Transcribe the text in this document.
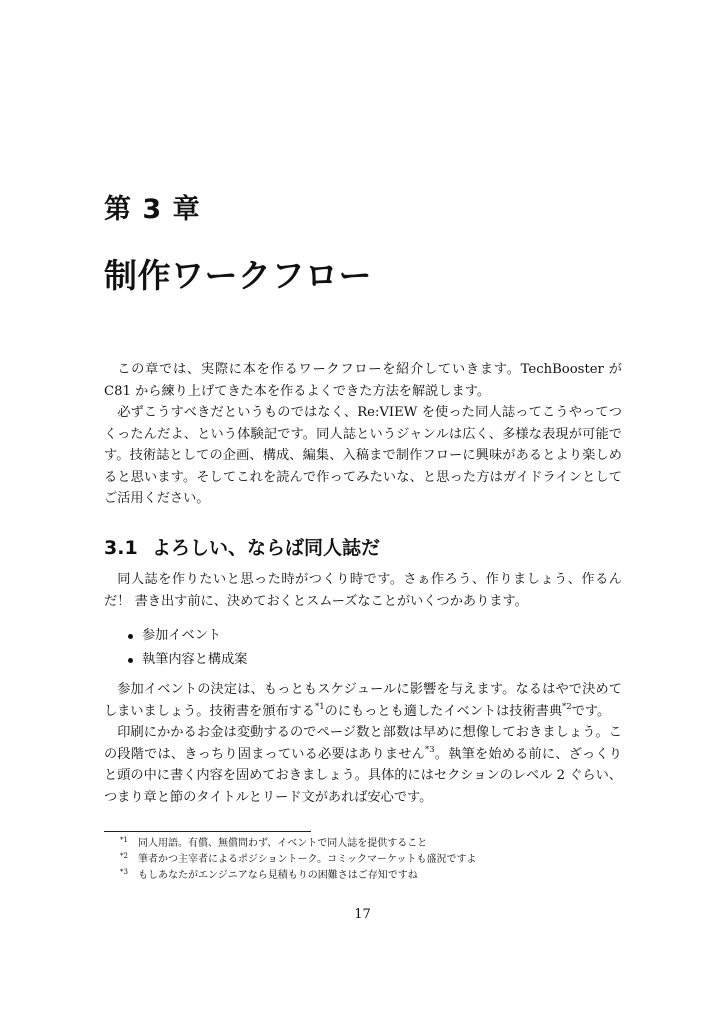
第 3 章
制作ワークフロー

この章では、実際に本を作るワークフローを紹介していきます。TechBooster が C81 から練り上げてきた本を作るよくできた方法を解説します。

必ずこうすべきだというものではなく、Re:VIEW を使った同人誌ってこうやってつくったんだよ、という体験記です。同人誌というジャンルは広く、多様な表現が可能です。技術誌としての企画、構成、編集、入稿まで制作フローに興味があるとより楽しめると思います。そしてこれを読んで作ってみたいな、と思った方はガイドラインとしてご活用ください。

3.1 よろしい、ならば同人誌だ

同人誌を作りたいと思った時がつくり時です。さぁ作ろう、作りましょう、作るんだ！ 書き出す前に、決めておくとスムーズなことがいくつかあります。

参加イベント
執筆内容と構成案

参加イベントの決定は、もっともスケジュールに影響を与えます。なるはやで決めてしまいましょう。技術書を頒布する$^{*1}$のにもっとも適したイベントは技術書典$^{*2}$です。

印刷にかかるお金は変動するのでページ数と部数は早めに想像しておきましょう。この段階では、きっちり固まっている必要はありません$^{*3}$。執筆を始める前に、ざっくりと頭の中に書く内容を固めておきましょう。具体的にはセクションのレベル 2 ぐらい、つまり章と節のタイトルとリード文があれば安心です。

$^{*1}$ 同人用語。有償、無償問わず、イベントで同人誌を提供すること
$^{*2}$ 筆者かつ主宰者によるポジショントーク。コミックマーケットも盛況ですよ
$^{*3}$ もしあなたがエンジニアなら見積もりの困難さはご存知ですね
17
